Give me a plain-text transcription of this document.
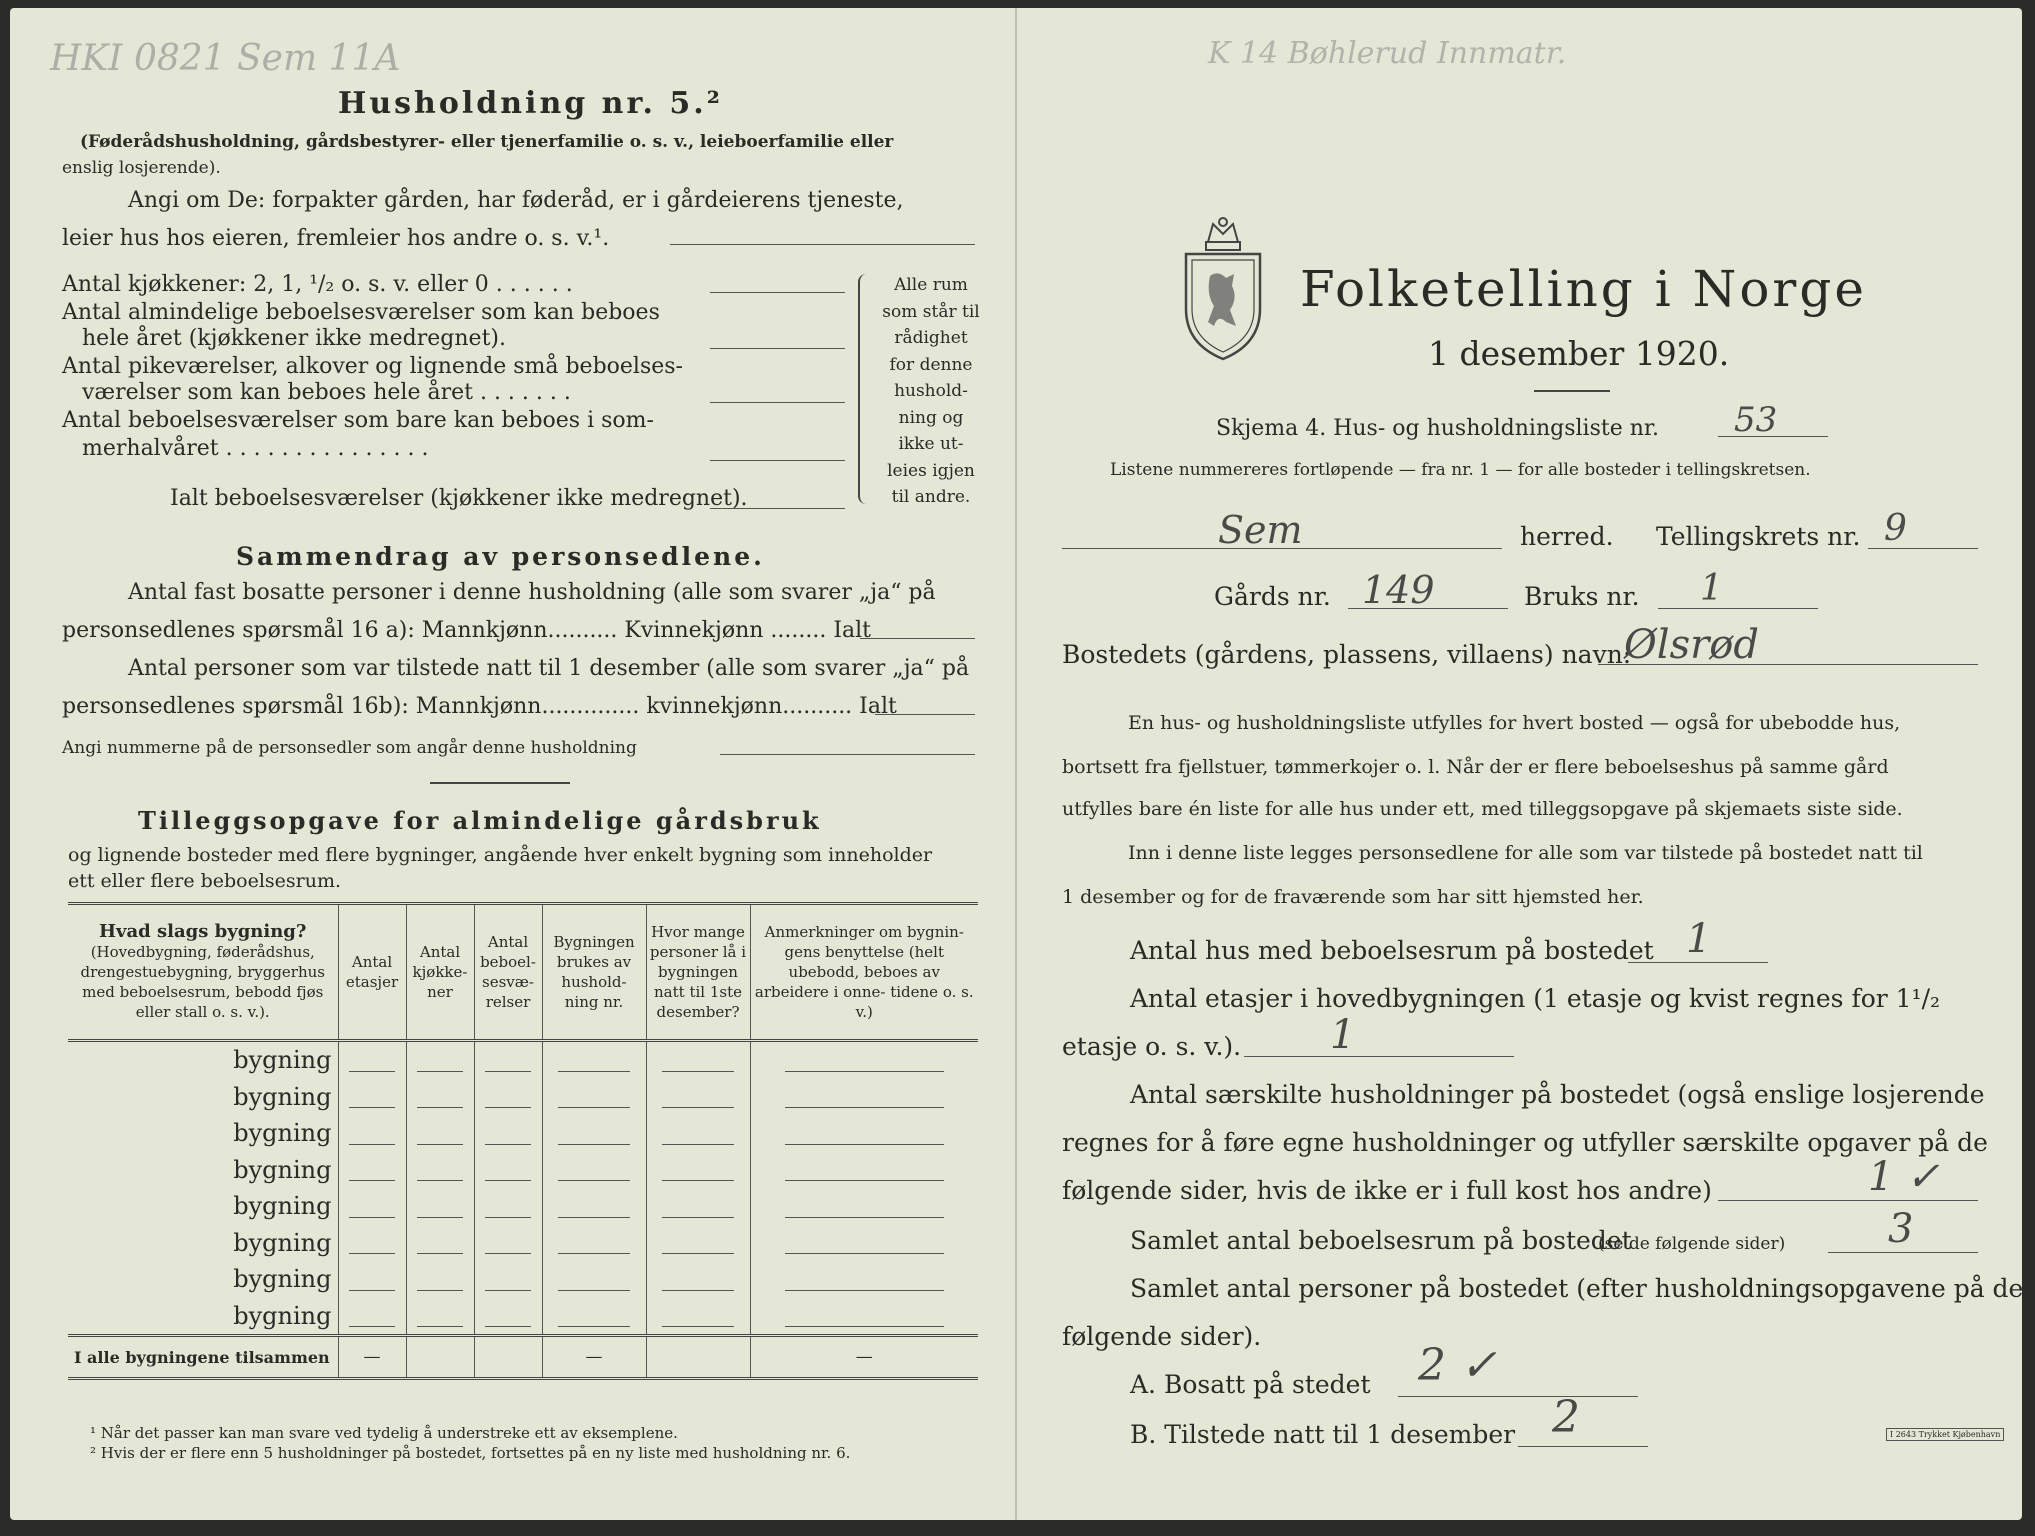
HKI 0821 Sem 11A
Husholdning nr. 5.²
(Føderådshusholdning, gårdsbestyrer- eller tjenerfamilie o. s. v., leieboerfamilie eller
enslig losjerende).
Angi om De: forpakter gården, har føderåd, er i gårdeierens tjeneste,
leier hus hos eieren, fremleier hos andre o. s. v.¹.
Antal kjøkkener: 2, 1, ¹/₂ o. s. v. eller 0 . . . . . .
Antal almindelige beboelsesværelser som kan beboes
hele året (kjøkkener ikke medregnet).
Antal pikeværelser, alkover og lignende små beboelses-
værelser som kan beboes hele året . . . . . . .
Antal beboelsesværelser som bare kan beboes i som-
merhalvåret . . . . . . . . . . . . . . .
Ialt beboelsesværelser (kjøkkener ikke medregnet).
Alle rum
som står til
rådighet
for denne
hushold-
ning og
ikke ut-
leies igjen
til andre.
Sammendrag av personsedlene.
Antal fast bosatte personer i denne husholdning (alle som svarer „ja“ på
personsedlenes spørsmål 16 a): Mannkjønn.......... Kvinnekjønn ........ Ialt
Antal personer som var tilstede natt til 1 desember (alle som svarer „ja“ på
personsedlenes spørsmål 16b): Mannkjønn.............. kvinnekjønn.......... Ialt
Angi nummerne på de personsedler som angår denne husholdning
Tilleggsopgave for almindelige gårdsbruk
og lignende bosteder med flere bygninger, angående hver enkelt bygning som inneholder
ett eller flere beboelsesrum.
Hvad slags bygning?
(Hovedbygning, føderådshus, drengestuebygning, bryggerhus med beboelsesrum, bebodd fjøs eller stall o. s. v.).	Antal etasjer	Antal kjøkke- ner	Antal beboel- sesvæ- relser	Bygningen brukes av hushold- ning nr.	Hvor mange personer lå i bygningen natt til 1ste desember?	Anmerkninger om bygnin- gens benyttelse (helt ubebodd, beboes av arbeidere i onne- tidene o. s. v.)
bygning	

bygning	

bygning	

bygning	

bygning	

bygning	

bygning	

bygning	

I alle bygningene tilsammen	—			—		—
¹ Når det passer kan man svare ved tydelig å understreke ett av eksemplene.
² Hvis der er flere enn 5 husholdninger på bostedet, fortsettes på en ny liste med husholdning nr. 6.
K 14 Bøhlerud Innmatr.
Folketelling i Norge
1 desember 1920.
Skjema 4. Hus- og husholdningsliste nr. 53
Listene nummereres fortløpende — fra nr. 1 — for alle bosteder i tellingskretsen.
Sem	herred. Tellingskrets nr. 9
Gårds nr. 149	Bruks nr. 1
Bostedets (gårdens, plassens, villaens) navn:
Ølsrød
En hus- og husholdningsliste utfylles for hvert bosted — også for ubebodde hus,
bortsett fra fjellstuer, tømmerkojer o. l. Når der er flere beboelseshus på samme gård
utfylles bare én liste for alle hus under ett, med tilleggsopgave på skjemaets siste side.
Inn i denne liste legges personsedlene for alle som var tilstede på bostedet natt til
1 desember og for de fraværende som har sitt hjemsted her.
Antal hus med beboelsesrum på bostedet 1
Antal etasjer i hovedbygningen (1 etasje og kvist regnes for 1¹/₂
etasje o. s. v.). 1
Antal særskilte husholdninger på bostedet (også enslige losjerende
regnes for å føre egne husholdninger og utfyller særskilte opgaver på de
følgende sider, hvis de ikke er i full kost hos andre)	1 ✓
Samlet antal beboelsesrum på bostedet
(se de følgende sider)	3
Samlet antal personer på bostedet (efter husholdningsopgavene på de
følgende sider).
A. Bosatt på stedet 2 ✓
B. Tilstede natt til 1 desember 2	I 2643 Trykket Kjøbenhavn
